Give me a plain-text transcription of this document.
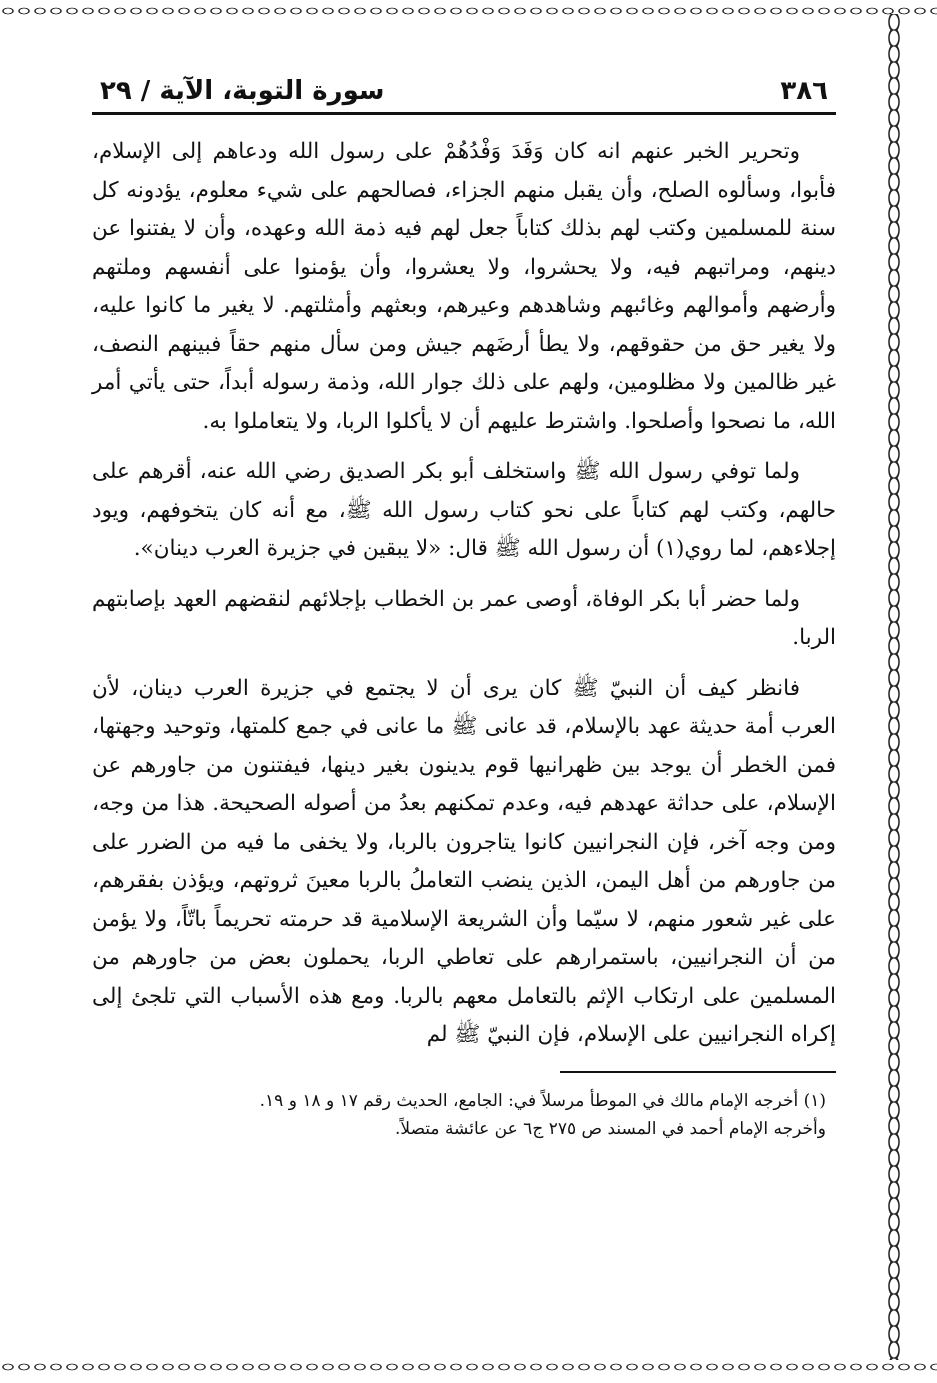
٣٨٦
سورة التوبة، الآية / ٢٩

وتحرير الخبر عنهم انه كان وَفَدَ وَفْدُهُمْ على رسول الله ودعاهم إلى الإسلام، فأبوا، وسألوه الصلح، وأن يقبل منهم الجزاء، فصالحهم على شيء معلوم، يؤدونه كل سنة للمسلمين وكتب لهم بذلك كتاباً جعل لهم فيه ذمة الله وعهده، وأن لا يفتنوا عن دينهم، ومراتبهم فيه، ولا يحشروا، ولا يعشروا، وأن يؤمنوا على أنفسهم وملتهم وأرضهم وأموالهم وغائبهم وشاهدهم وعيرهم، وبعثهم وأمثلتهم. لا يغير ما كانوا عليه، ولا يغير حق من حقوقهم، ولا يطأ أرضَهم جيش ومن سأل منهم حقاً فبينهم النصف، غير ظالمين ولا مظلومين، ولهم على ذلك جوار الله، وذمة رسوله أبداً، حتى يأتي أمر الله، ما نصحوا وأصلحوا. واشترط عليهم أن لا يأكلوا الربا، ولا يتعاملوا به.

ولما توفي رسول الله ﷺ واستخلف أبو بكر الصديق رضي الله عنه، أقرهم على حالهم، وكتب لهم كتاباً على نحو كتاب رسول الله ﷺ، مع أنه كان يتخوفهم، ويود إجلاءهم، لما روي(١) أن رسول الله ﷺ قال: «لا يبقين في جزيرة العرب دينان».

ولما حضر أبا بكر الوفاة، أوصى عمر بن الخطاب بإجلائهم لنقضهم العهد بإصابتهم الربا.

فانظر كيف أن النبيّ ﷺ كان يرى أن لا يجتمع في جزيرة العرب دينان، لأن العرب أمة حديثة عهد بالإسلام، قد عانى ﷺ ما عانى في جمع كلمتها، وتوحيد وجهتها، فمن الخطر أن يوجد بين ظهرانيها قوم يدينون بغير دينها، فيفتنون من جاورهم عن الإسلام، على حداثة عهدهم فيه، وعدم تمكنهم بعدُ من أصوله الصحيحة. هذا من وجه، ومن وجه آخر، فإن النجرانيين كانوا يتاجرون بالربا، ولا يخفى ما فيه من الضرر على من جاورهم من أهل اليمن، الذين ينضب التعاملُ بالربا معينَ ثروتهم، ويؤذن بفقرهم، على غير شعور منهم، لا سيّما وأن الشريعة الإسلامية قد حرمته تحريماً باتّاً، ولا يؤمن من أن النجرانيين، باستمرارهم على تعاطي الربا، يحملون بعض من جاورهم من المسلمين على ارتكاب الإثم بالتعامل معهم بالربا. ومع هذه الأسباب التي تلجئ إلى إكراه النجرانيين على الإسلام، فإن النبيّ ﷺ لم

(١) أخرجه الإمام مالك في الموطأ مرسلاً في: الجامع، الحديث رقم ١٧ و ١٨ و ١٩.
وأخرجه الإمام أحمد في المسند ص ٢٧٥ ج٦ عن عائشة متصلاً.
